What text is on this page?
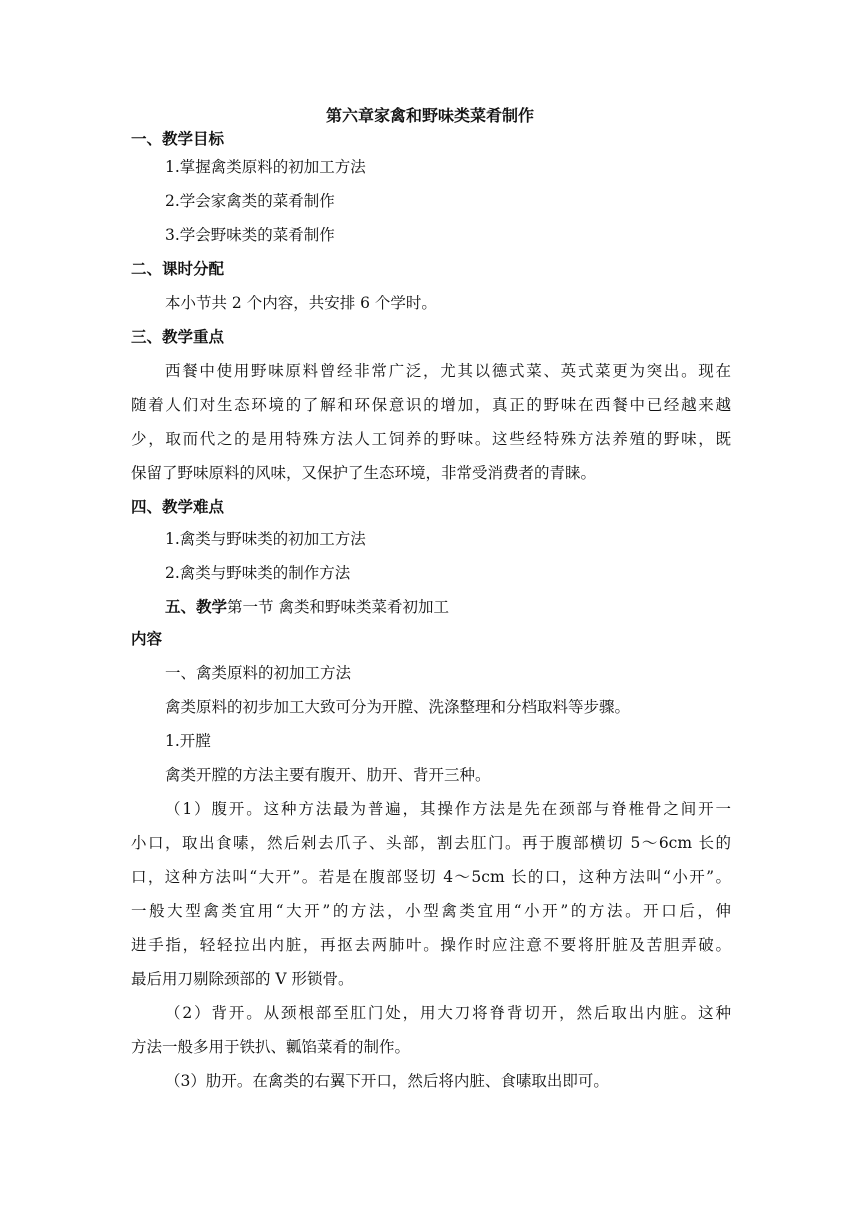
第六章家禽和野味类菜肴制作
一、教学目标
1.掌握禽类原料的初加工方法
2.学会家禽类的菜肴制作
3.学会野味类的菜肴制作
二、课时分配
本小节共 2 个内容，共安排 6 个学时。
三、教学重点
西餐中使用野味原料曾经非常广泛，尤其以德式菜、英式菜更为突出。现在
随着人们对生态环境的了解和环保意识的增加，真正的野味在西餐中已经越来越
少，取而代之的是用特殊方法人工饲养的野味。这些经特殊方法养殖的野味，既
保留了野味原料的风味，又保护了生态环境，非常受消费者的青睐。
四、教学难点
1.禽类与野味类的初加工方法
2.禽类与野味类的制作方法
五、教学第一节 禽类和野味类菜肴初加工
内容
一、禽类原料的初加工方法
禽类原料的初步加工大致可分为开膛、洗涤整理和分档取料等步骤。
1.开膛
禽类开膛的方法主要有腹开、肋开、背开三种。
（1）腹开。这种方法最为普遍，其操作方法是先在颈部与脊椎骨之间开一
小口，取出食嗉，然后剁去爪子、头部，割去肛门。再于腹部横切 5～6cm 长的
口，这种方法叫“大开”。若是在腹部竖切 4～5cm 长的口，这种方法叫“小开”。
一般大型禽类宜用“大开”的方法，小型禽类宜用“小开”的方法。开口后，伸
进手指，轻轻拉出内脏，再抠去两肺叶。操作时应注意不要将肝脏及苦胆弄破。
最后用刀剔除颈部的 V 形锁骨。
（2）背开。从颈根部至肛门处，用大刀将脊背切开，然后取出内脏。这种
方法一般多用于铁扒、瓤馅菜肴的制作。
（3）肋开。在禽类的右翼下开口，然后将内脏、食嗉取出即可。
